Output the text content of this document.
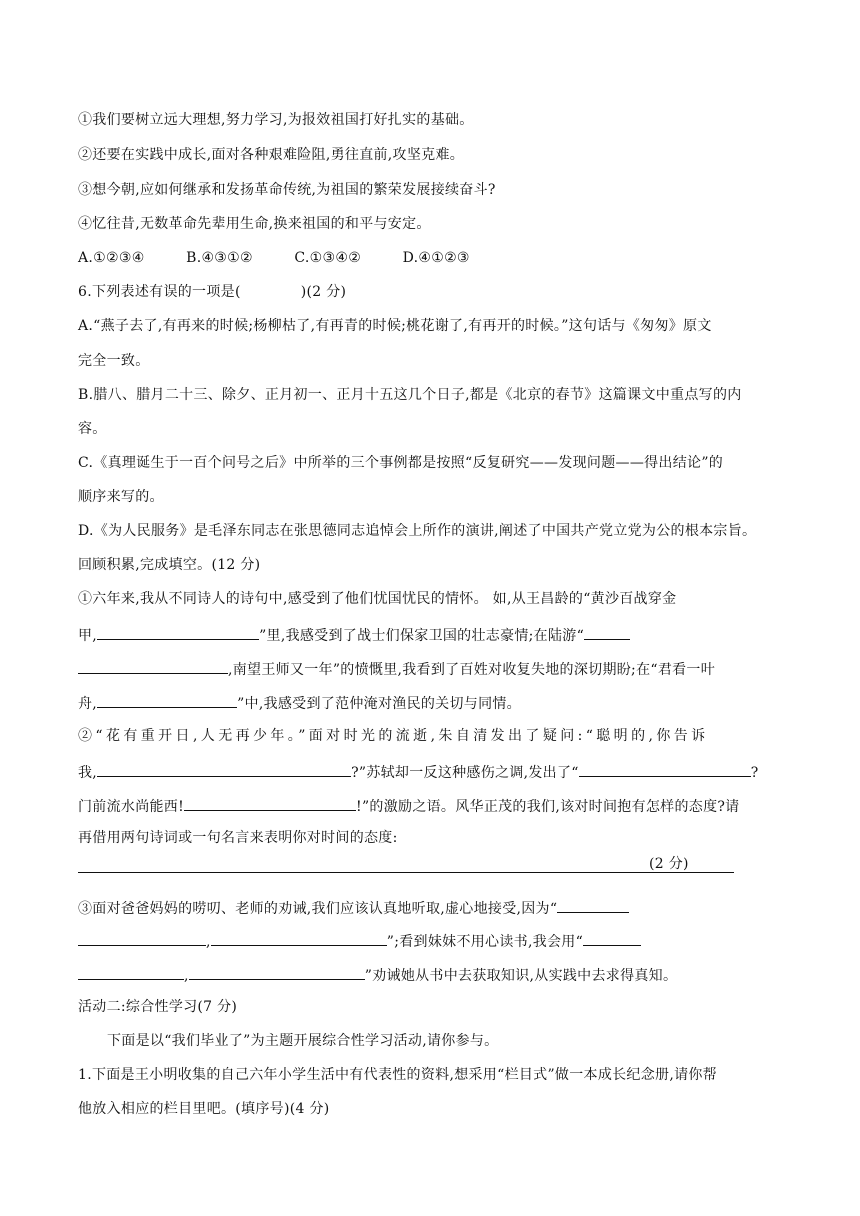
①我们要树立远大理想,努力学习,为报效祖国打好扎实的基础。
②还要在实践中成长,面对各种艰难险阻,勇往直前,攻坚克难。
③想今朝,应如何继承和发扬革命传统,为祖国的繁荣发展接续奋斗?
④忆往昔,无数革命先辈用生命,换来祖国的和平与安定。
A.①②③④	B.④③①②	C.①③④②	D.④①②③
6.下列表述有误的一项是(	)(2 分)
A.“燕子去了,有再来的时候;杨柳枯了,有再青的时候;桃花谢了,有再开的时候。”这句话与《匆匆》原文
完全一致。
B.腊八、腊月二十三、除夕、正月初一、正月十五这几个日子,都是《北京的春节》这篇课文中重点写的内
容。
C.《真理诞生于一百个问号之后》中所举的三个事例都是按照“反复研究——发现问题——得出结论”的
顺序来写的。
D.《为人民服务》是毛泽东同志在张思德同志追悼会上所作的演讲,阐述了中国共产党立党为公的根本宗旨。
回顾积累,完成填空。(12 分)
①六年来,我从不同诗人的诗句中,感受到了他们忧国忧民的情怀。 如,从王昌龄的“黄沙百战穿金
甲,	”里,我感受到了战士们保家卫国的壮志豪情;在陆游“
,南望王师又一年”的愤慨里,我看到了百姓对收复失地的深切期盼;在“君看一叶
舟,	”中,我感受到了范仲淹对渔民的关切与同情。
②“花有重开日,人无再少年。”面对时光的流逝,朱自清发出了疑问:“聪明的,你告诉
我,	?”苏轼却一反这种感伤之调,发出了“	?
门前流水尚能西!	!”的激励之语。风华正茂的我们,该对时间抱有怎样的态度?请
再借用两句诗词或一句名言来表明你对时间的态度:
(2 分)
③面对爸爸妈妈的唠叨、老师的劝诫,我们应该认真地听取,虚心地接受,因为“
,	”;看到妹妹不用心读书,我会用“
,	”劝诫她从书中去获取知识,从实践中去求得真知。
活动二:综合性学习(7 分)
下面是以“我们毕业了”为主题开展综合性学习活动,请你参与。
1.下面是王小明收集的自己六年小学生活中有代表性的资料,想采用“栏目式”做一本成长纪念册,请你帮
他放入相应的栏目里吧。(填序号)(4 分)
